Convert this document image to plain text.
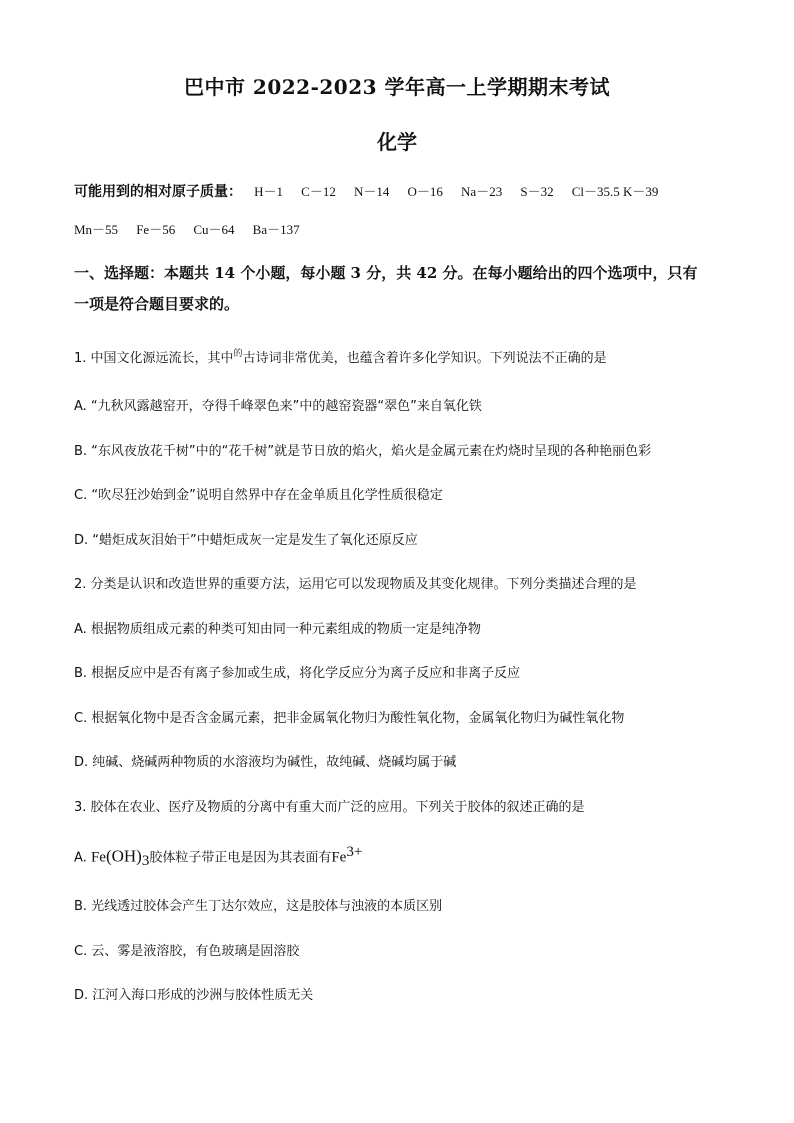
巴中市 2022-2023 学年高一上学期期末考试
化学
可能用到的相对原子质量： H－1 C－12 N－14 O－16 Na－23 S－32 Cl－35.5 K－39
Mn－55 Fe－56 Cu－64 Ba－137
一、选择题：本题共 14 个小题，每小题 3 分，共 42 分。在每小题给出的四个选项中，只有
一项是符合题目要求的。
1. 中国文化源远流长，其中$^的$古诗词非常优美，也蕴含着许多化学知识。下列说法不正确的是
A. “九秋风露越窑开，夺得千峰翠色来”中的越窑瓷器“翠色”来自氧化铁
B. “东风夜放花千树”中的“花千树”就是节日放的焰火，焰火是金属元素在灼烧时呈现的各种艳丽色彩
C. “吹尽狂沙始到金”说明自然界中存在金单质且化学性质很稳定
D. “蜡炬成灰泪始干”中蜡炬成灰一定是发生了氧化还原反应
2. 分类是认识和改造世界的重要方法，运用它可以发现物质及其变化规律。下列分类描述合理的是
A. 根据物质组成元素的种类可知由同一种元素组成的物质一定是纯净物
B. 根据反应中是否有离子参加或生成，将化学反应分为离子反应和非离子反应
C. 根据氧化物中是否含金属元素，把非金属氧化物归为酸性氧化物，金属氧化物归为碱性氧化物
D. 纯碱、烧碱两种物质的水溶液均为碱性，故纯碱、烧碱均属于碱
3. 胶体在农业、医疗及物质的分离中有重大而广泛的应用。下列关于胶体的叙述正确的是
A. $Fe(OH)_3$胶体粒子带正电是因为其表面有$Fe^{3+}$
B. 光线透过胶体会产生丁达尔效应，这是胶体与浊液的本质区别
C. 云、雾是液溶胶，有色玻璃是固溶胶
D. 江河入海口形成的沙洲与胶体性质无关
